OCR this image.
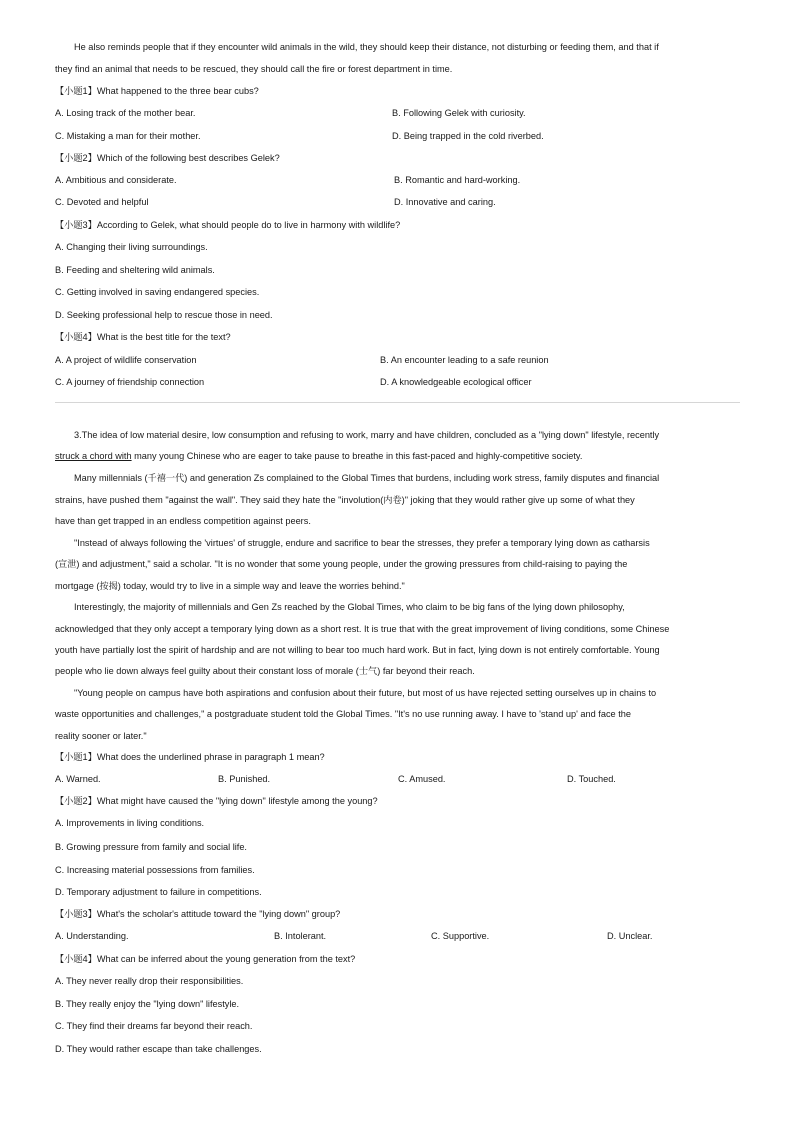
He also reminds people that if they encounter wild animals in the wild, they should keep their distance, not disturbing or feeding them, and that if
they find an animal that needs to be rescued, they should call the fire or forest department in time.
【小题1】What happened to the three bear cubs?
A. Losing track of the mother bear.	B. Following Gelek with curiosity.
C. Mistaking a man for their mother.	D. Being trapped in the cold riverbed.
【小题2】Which of the following best describes Gelek?
A. Ambitious and considerate.	B. Romantic and hard-working.
C. Devoted and helpful	D. Innovative and caring.
【小题3】According to Gelek, what should people do to live in harmony with wildlife?
A. Changing their living surroundings.
B. Feeding and sheltering wild animals.
C. Getting involved in saving endangered species.
D. Seeking professional help to rescue those in need.
【小题4】What is the best title for the text?
A. A project of wildlife conservation	B. An encounter leading to a safe reunion
C. A journey of friendship connection	D. A knowledgeable ecological officer
3.The idea of low material desire, low consumption and refusing to work, marry and have children, concluded as a "lying down" lifestyle, recently
struck a chord with many young Chinese who are eager to take pause to breathe in this fast-paced and highly-competitive society.
Many millennials (千禧一代) and generation Zs complained to the Global Times that burdens, including work stress, family disputes and financial
strains, have pushed them "against the wall". They said they hate the "involution(内卷)" joking that they would rather give up some of what they
have than get trapped in an endless competition against peers.
"Instead of always following the 'virtues' of struggle, endure and sacrifice to bear the stresses, they prefer a temporary lying down as catharsis
(宣泄) and adjustment," said a scholar. "It is no wonder that some young people, under the growing pressures from child-raising to paying the
mortgage (按揭) today, would try to live in a simple way and leave the worries behind."
Interestingly, the majority of millennials and Gen Zs reached by the Global Times, who claim to be big fans of the lying down philosophy,
acknowledged that they only accept a temporary lying down as a short rest. It is true that with the great improvement of living conditions, some Chinese
youth have partially lost the spirit of hardship and are not willing to bear too much hard work. But in fact, lying down is not entirely comfortable. Young
people who lie down always feel guilty about their constant loss of morale (士气) far beyond their reach.
"Young people on campus have both aspirations and confusion about their future, but most of us have rejected setting ourselves up in chains to
waste opportunities and challenges," a postgraduate student told the Global Times. "It's no use running away. I have to 'stand up' and face the
reality sooner or later."
【小题1】What does the underlined phrase in paragraph 1 mean?
A. Warned.	B. Punished.	C. Amused.	D. Touched.
【小题2】What might have caused the "lying down" lifestyle among the young?
A. Improvements in living conditions.
B. Growing pressure from family and social life.
C. Increasing material possessions from families.
D. Temporary adjustment to failure in competitions.
【小题3】What's the scholar's attitude toward the "lying down" group?
A. Understanding.	B. Intolerant.	C. Supportive.	D. Unclear.
【小题4】What can be inferred about the young generation from the text?
A. They never really drop their responsibilities.
B. They really enjoy the "lying down" lifestyle.
C. They find their dreams far beyond their reach.
D. They would rather escape than take challenges.
